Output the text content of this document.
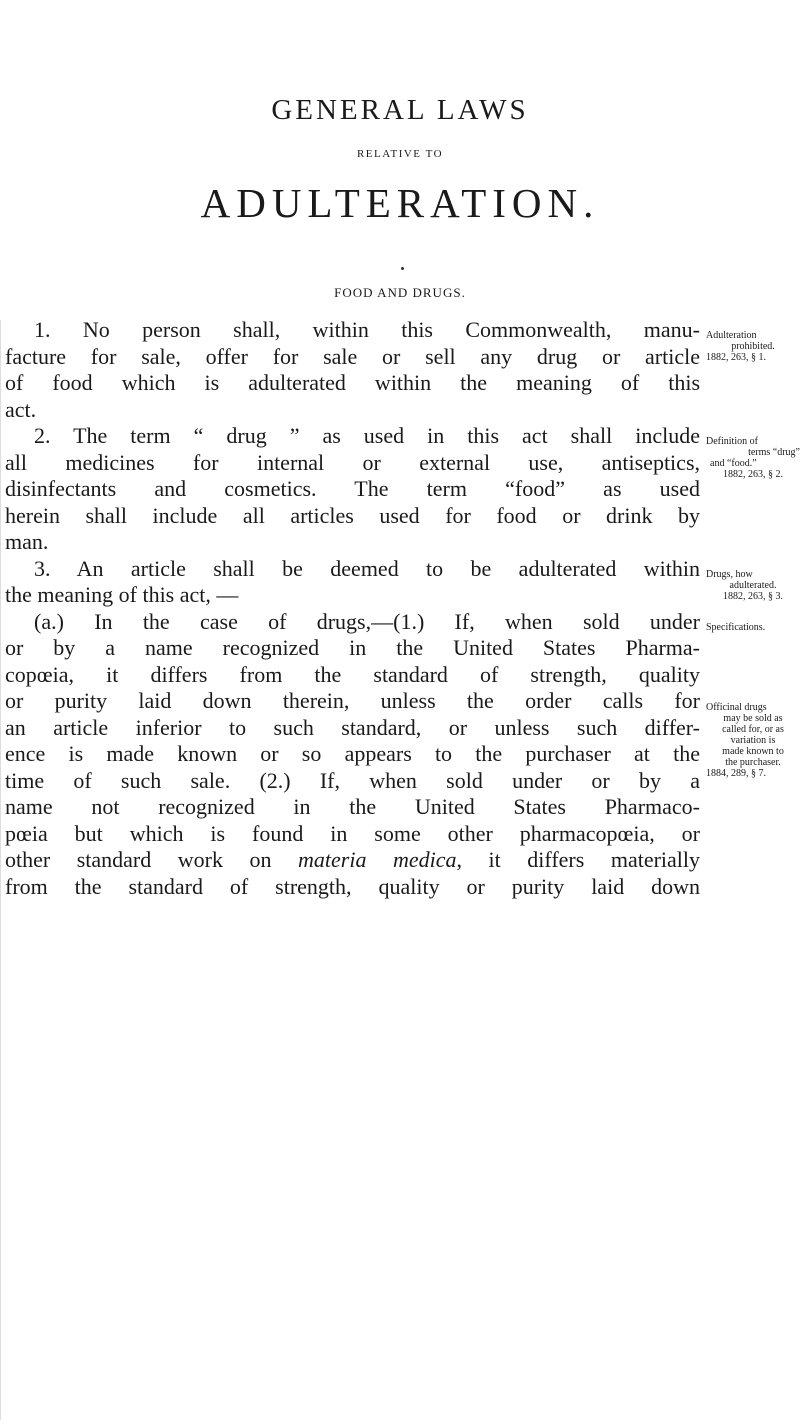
GENERAL LAWS
RELATIVE TO
ADULTERATION.
FOOD AND DRUGS.
1. No person shall, within this Commonwealth, manu-
facture for sale, offer for sale or sell any drug or article
of food which is adulterated within the meaning of this
act.
2. The term “ drug ” as used in this act shall include
all medicines for internal or external use, antiseptics,
disinfectants and cosmetics. The term “food” as used
herein shall include all articles used for food or drink by
man.
3. An article shall be deemed to be adulterated within
the meaning of this act, —
(a.) In the case of drugs,—(1.) If, when sold under
or by a name recognized in the United States Pharma-
copœia, it differs from the standard of strength, quality
or purity laid down therein, unless the order calls for
an article inferior to such standard, or unless such differ-
ence is made known or so appears to the purchaser at the
time of such sale. (2.) If, when sold under or by a
name not recognized in the United States Pharmaco-
pœia but which is found in some other pharmacopœia, or
other standard work on materia medica, it differs materially
from the standard of strength, quality or purity laid down
Adulteration
prohibited.
1882, 263, § 1.
Definition of
terms “drug”
and “food.”
1882, 263, § 2.
Drugs, how
adulterated.
1882, 263, § 3.
Specifications.
Officinal drugs
may be sold as
called for, or as
variation is
made known to
the purchaser.
1884, 289, § 7.
